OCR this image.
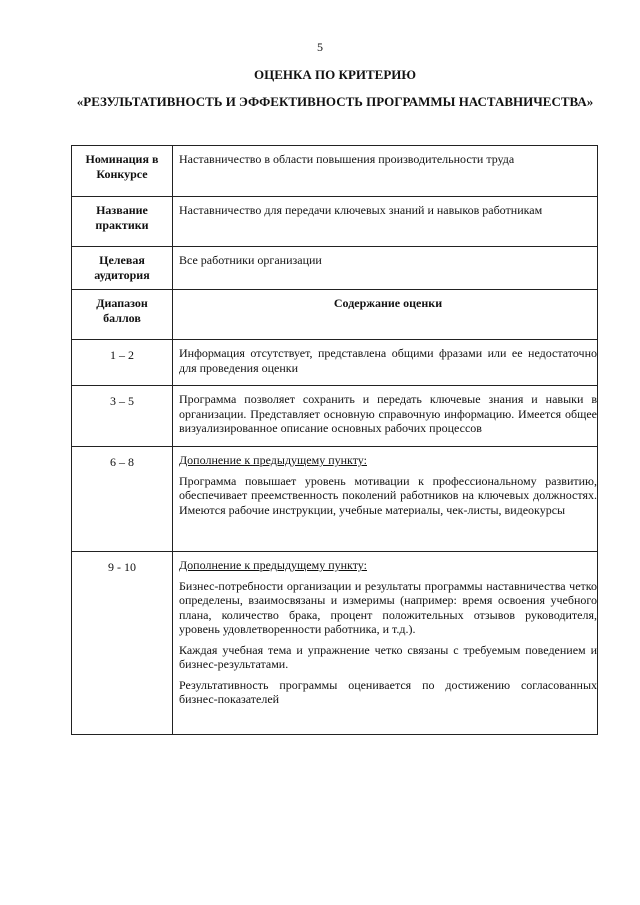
5
ОЦЕНКА ПО КРИТЕРИЮ
«РЕЗУЛЬТАТИВНОСТЬ И ЭФФЕКТИВНОСТЬ ПРОГРАММЫ НАСТАВНИЧЕСТВА»
Номинация в Конкурсе	Наставничество в области повышения производительности труда
Название практики	Наставничество для передачи ключевых знаний и навыков работникам
Целевая аудитория	Все работники организации
Диапазон баллов	Содержание оценки
1 – 2	Информация отсутствует, представлена общими фразами или ее недостаточно для проведения оценки
3 – 5	Программа позволяет сохранить и передать ключевые знания и навыки в организации. Представляет основную справочную информацию. Имеется общее визуализированное описание основных рабочих процессов
6 – 8	Дополнение к предыдущему пункту:

Программа повышает уровень мотивации к профессиональному развитию, обеспечивает преемственность поколений работников на ключевых должностях. Имеются рабочие инструкции, учебные материалы, чек-листы, видеокурсы

9 - 10	Дополнение к предыдущему пункту:

Бизнес-потребности организации и результаты программы наставничества четко определены, взаимосвязаны и измеримы (например: время освоения учебного плана, количество брака, процент положительных отзывов руководителя, уровень удовлетворенности работника, и т.д.).

Каждая учебная тема и упражнение четко связаны с требуемым поведением и бизнес-результатами.

Результативность программы оценивается по достижению согласованных бизнес-показателей
